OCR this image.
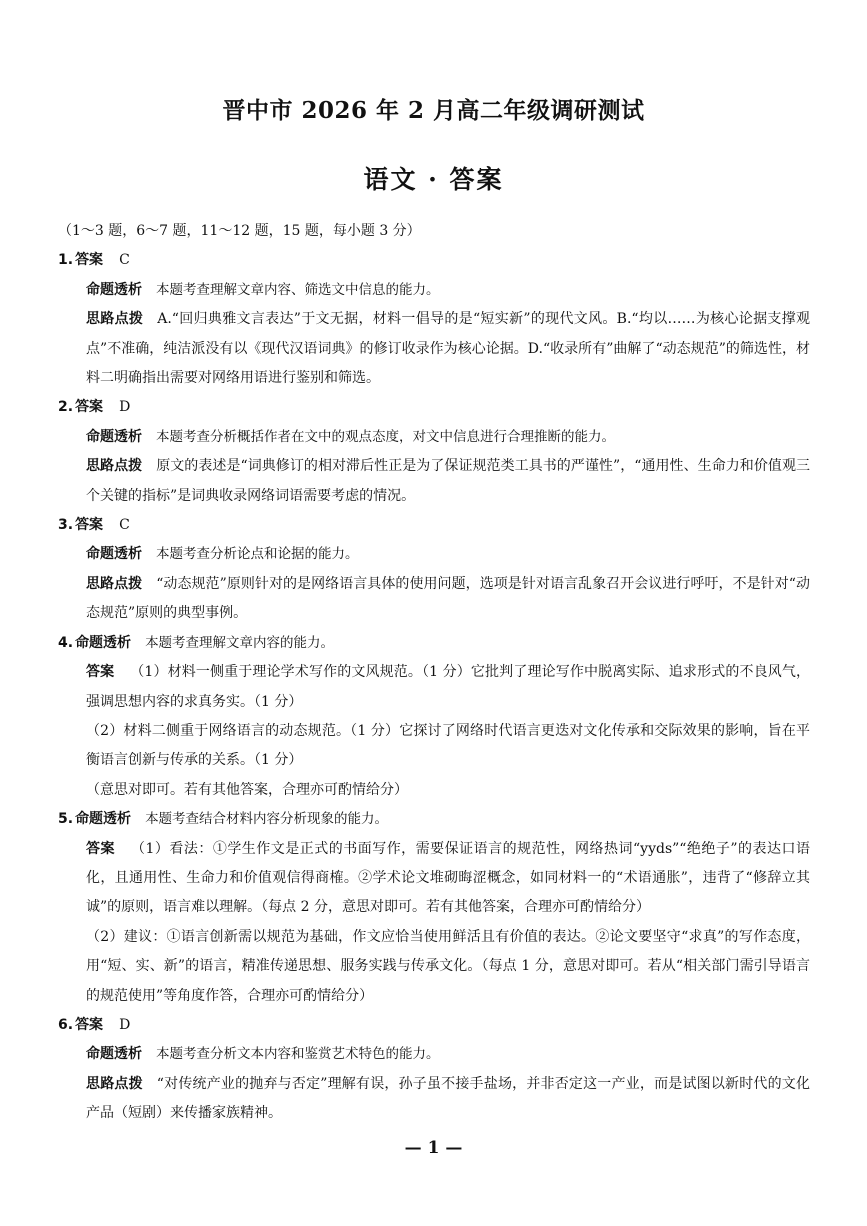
晋中市 2026 年 2 月高二年级调研测试
语文 · 答案
（1～3 题，6～7 题，11～12 题，15 题，每小题 3 分）
1. 答案 C
命题透析 本题考查理解文章内容、筛选文中信息的能力。
思路点拨 A.“回归典雅文言表达”于文无据，材料一倡导的是“短实新”的现代文风。B.“均以……为核心论据支撑观点”不准确，纯洁派没有以《现代汉语词典》的修订收录作为核心论据。D.“收录所有”曲解了“动态规范”的筛选性，材料二明确指出需要对网络用语进行鉴别和筛选。
2. 答案 D
命题透析 本题考查分析概括作者在文中的观点态度，对文中信息进行合理推断的能力。
思路点拨 原文的表述是“词典修订的相对滞后性正是为了保证规范类工具书的严谨性”，“通用性、生命力和价值观三个关键的指标”是词典收录网络词语需要考虑的情况。
3. 答案 C
命题透析 本题考查分析论点和论据的能力。
思路点拨 “动态规范”原则针对的是网络语言具体的使用问题，选项是针对语言乱象召开会议进行呼吁，不是针对“动态规范”原则的典型事例。
4. 命题透析 本题考查理解文章内容的能力。
答案 （1）材料一侧重于理论学术写作的文风规范。（1 分）它批判了理论写作中脱离实际、追求形式的不良风气，强调思想内容的求真务实。（1 分）
（2）材料二侧重于网络语言的动态规范。（1 分）它探讨了网络时代语言更迭对文化传承和交际效果的影响，旨在平衡语言创新与传承的关系。（1 分）
（意思对即可。若有其他答案，合理亦可酌情给分）
5. 命题透析 本题考查结合材料内容分析现象的能力。
答案 （1）看法：①学生作文是正式的书面写作，需要保证语言的规范性，网络热词“yyds”“绝绝子”的表达口语化，且通用性、生命力和价值观信得商榷。②学术论文堆砌晦涩概念，如同材料一的“术语通胀”，违背了“修辞立其诚”的原则，语言难以理解。（每点 2 分，意思对即可。若有其他答案，合理亦可酌情给分）
（2）建议：①语言创新需以规范为基础，作文应恰当使用鲜活且有价值的表达。②论文要坚守“求真”的写作态度，用“短、实、新”的语言，精准传递思想、服务实践与传承文化。（每点 1 分，意思对即可。若从“相关部门需引导语言的规范使用”等角度作答，合理亦可酌情给分）
6. 答案 D
命题透析 本题考查分析文本内容和鉴赏艺术特色的能力。
思路点拨 “对传统产业的抛弃与否定”理解有误，孙子虽不接手盐场，并非否定这一产业，而是试图以新时代的文化产品（短剧）来传播家族精神。
— 1 —
